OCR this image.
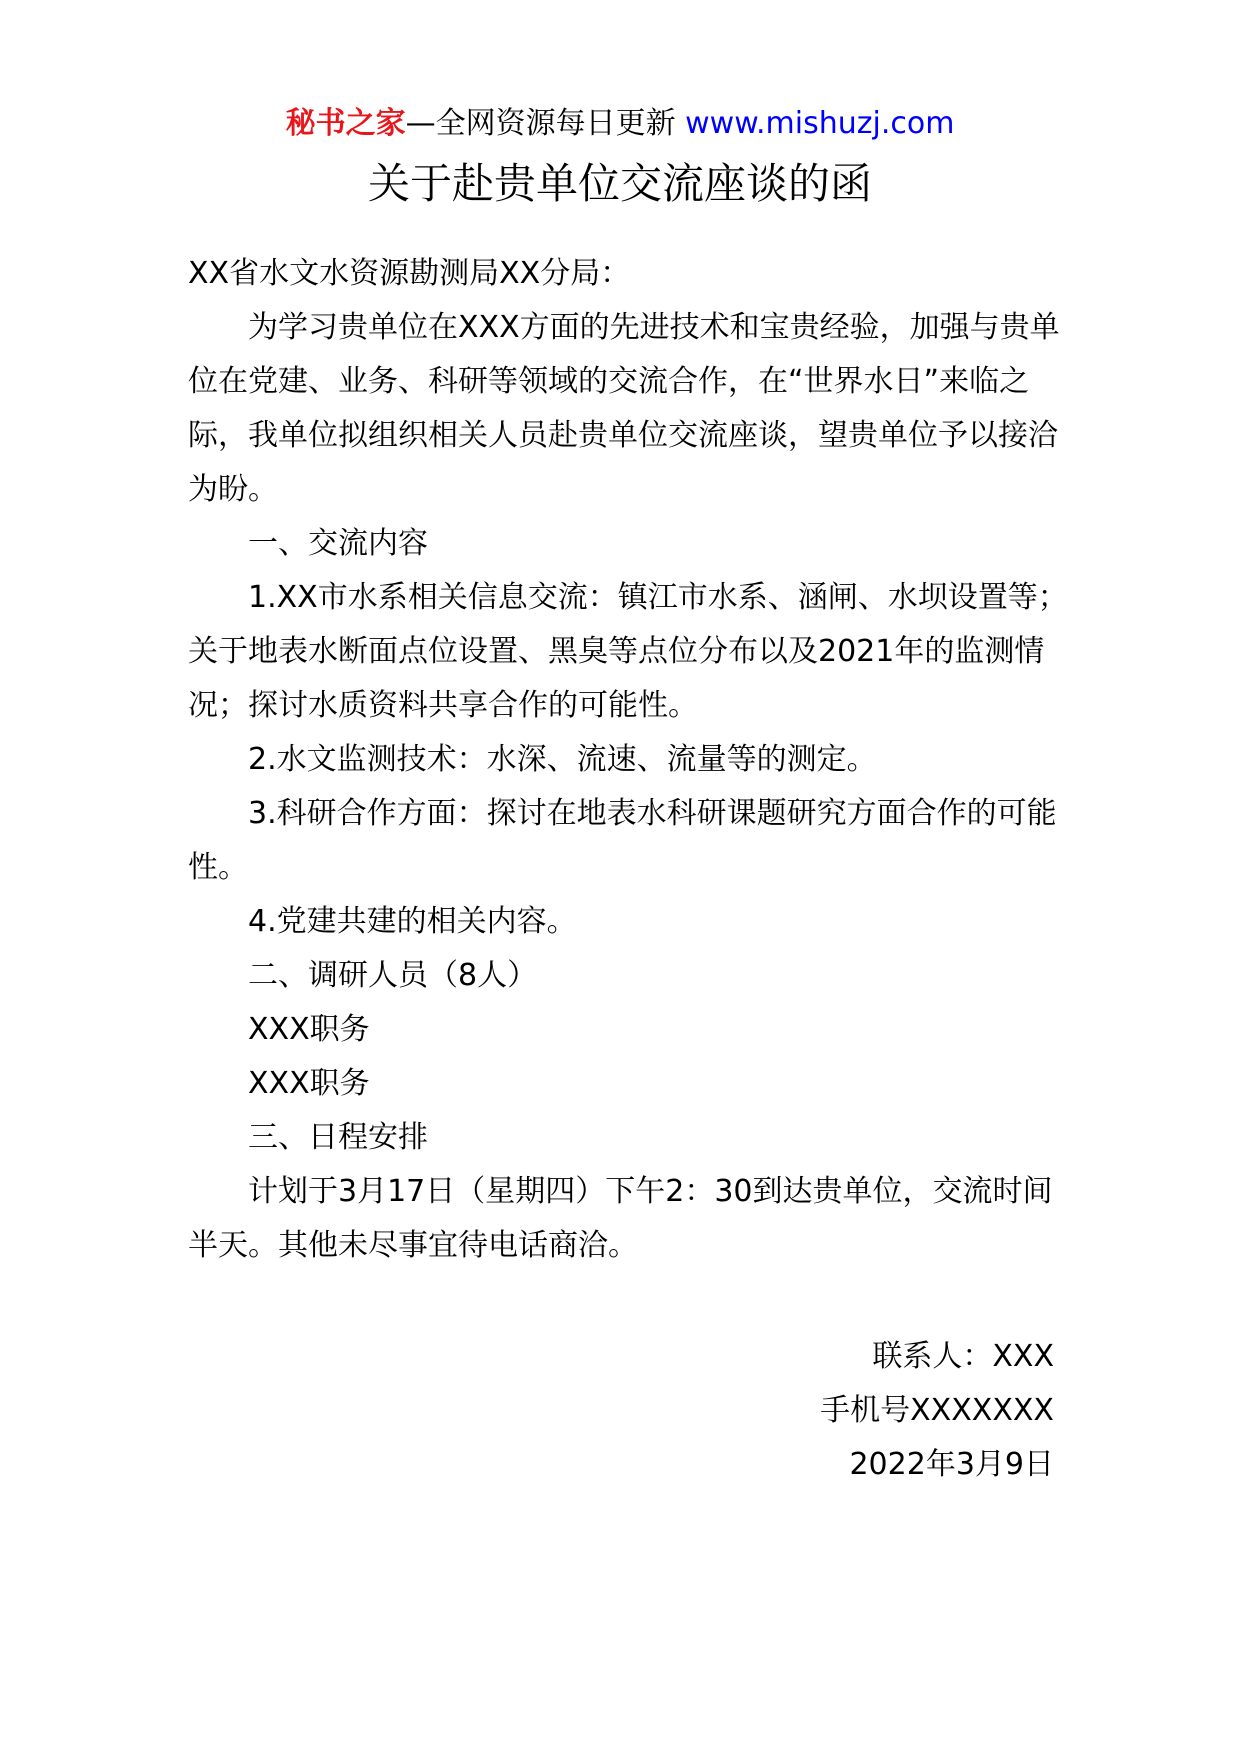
秘书之家—全网资源每日更新 www.mishuzj.com
关于赴贵单位交流座谈的函

XX省水文水资源勘测局XX分局：

为学习贵单位在XXX方面的先进技术和宝贵经验，加强与贵单位在党建、业务、科研等领域的交流合作，在“世界水日”来临之际，我单位拟组织相关人员赴贵单位交流座谈，望贵单位予以接洽为盼。

一、交流内容

1.XX市水系相关信息交流：镇江市水系、涵闸、水坝设置等；关于地表水断面点位设置、黑臭等点位分布以及2021年的监测情况；探讨水质资料共享合作的可能性。

2.水文监测技术：水深、流速、流量等的测定。

3.科研合作方面：探讨在地表水科研课题研究方面合作的可能性。

4.党建共建的相关内容。

二、调研人员（8人）

XXX职务

XXX职务

三、日程安排

计划于3月17日（星期四）下午2：30到达贵单位，交流时间半天。其他未尽事宜待电话商洽。

联系人：XXX

手机号XXXXXXX

2022年3月9日
